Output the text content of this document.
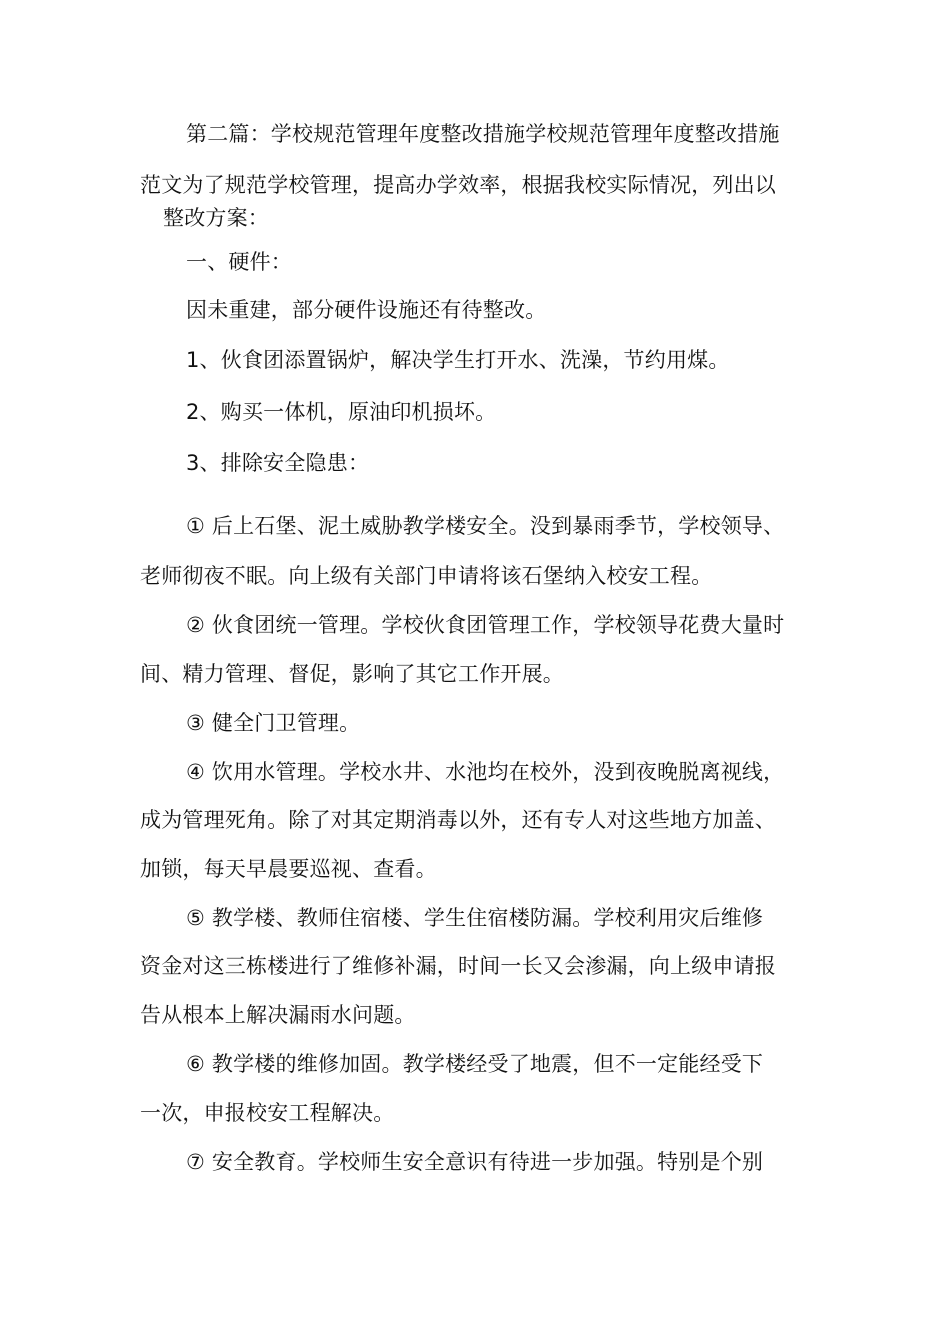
第二篇：学校规范管理年度整改措施学校规范管理年度整改措施

范文为了规范学校管理，提高办学效率，根据我校实际情况，列出以

整改方案：

一、硬件：

因未重建，部分硬件设施还有待整改。

1、伙食团添置锅炉，解决学生打开水、洗澡，节约用煤。

2、购买一体机，原油印机损坏。

3、排除安全隐患：

① 后上石堡、泥土威胁教学楼安全。没到暴雨季节，学校领导、

老师彻夜不眠。向上级有关部门申请将该石堡纳入校安工程。

② 伙食团统一管理。学校伙食团管理工作，学校领导花费大量时

间、精力管理、督促，影响了其它工作开展。

③ 健全门卫管理。

④ 饮用水管理。学校水井、水池均在校外，没到夜晚脱离视线，

成为管理死角。除了对其定期消毒以外，还有专人对这些地方加盖、

加锁，每天早晨要巡视、查看。

⑤ 教学楼、教师住宿楼、学生住宿楼防漏。学校利用灾后维修

资金对这三栋楼进行了维修补漏，时间一长又会渗漏，向上级申请报

告从根本上解决漏雨水问题。

⑥ 教学楼的维修加固。教学楼经受了地震，但不一定能经受下

一次，申报校安工程解决。

⑦ 安全教育。学校师生安全意识有待进一步加强。特别是个别
